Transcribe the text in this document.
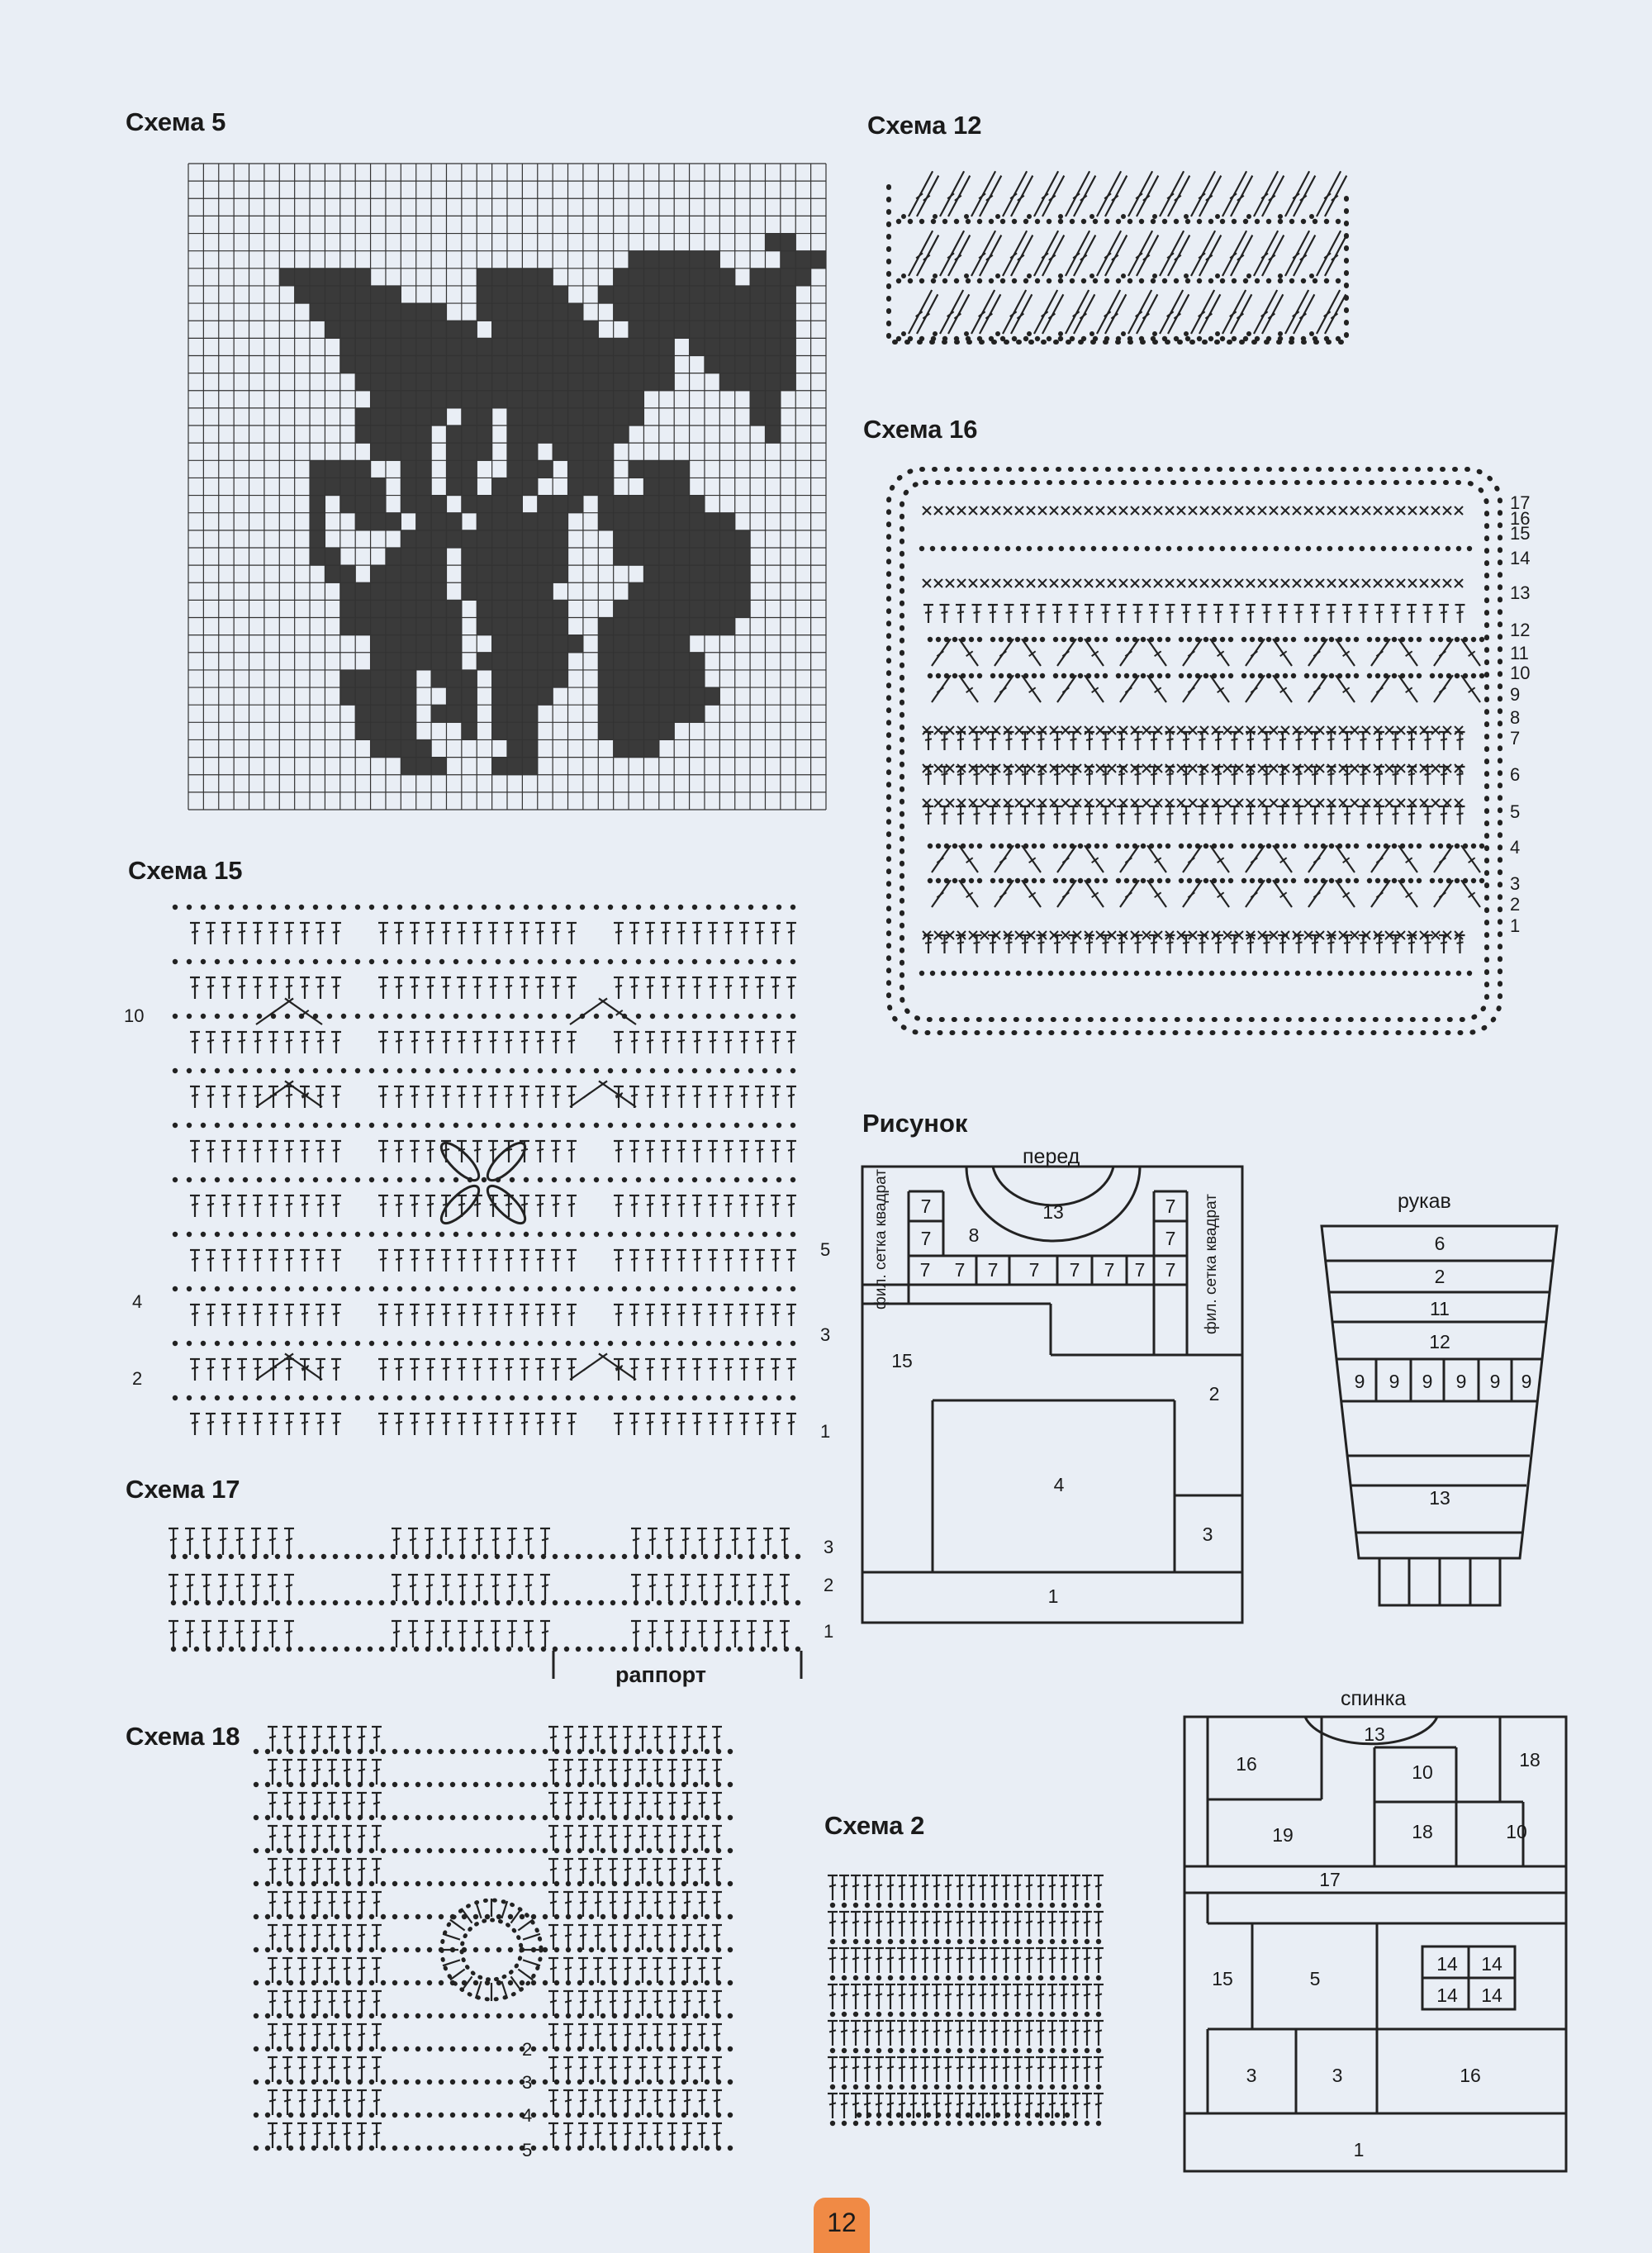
Схема 5	Схема 12
Схема 16
Схема 15
Рисунок
Схема 17
Схема 18
Схема 2
17
16
15
14
13
12
11
10
9
8
7
6
5
4
3
2
1
10
5
4
3
2
1
3
2
1
раппорт
2
3
4
5
перед
7
7 8
13
7 7 7 7 7 7 7
7
7
7
15
2
4
3
1
фил. сетка квадрат	фил. сетка квадрат	рукав
6
2
11
12
9 9 9 9 9 9
13
спинка
13
16	10
18
19	18	10
17
15	5
14 14
14 14
3	3	16
1
12
